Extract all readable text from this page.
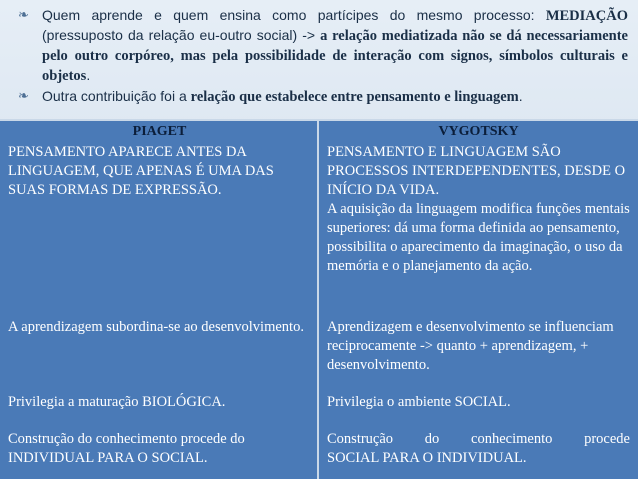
❧ Quem aprende e quem ensina como partícipes do mesmo processo: MEDIAÇÃO (pressuposto da relação eu-outro social) -> a relação mediatizada não se dá necessariamente pelo outro corpóreo, mas pela possibilidade de interação com signos, símbolos culturais e objetos.
❧ Outra contribuição foi a relação que estabelece entre pensamento e linguagem.
PIAGET
PENSAMENTO APARECE ANTES DA LINGUAGEM, QUE APENAS É UMA DAS SUAS FORMAS DE EXPRESSÃO.
A aprendizagem subordina-se ao desenvolvimento.
Privilegia a maturação BIOLÓGICA.
Construção do conhecimento procede do
INDIVIDUAL PARA O SOCIAL.
VYGOTSKY
PENSAMENTO E LINGUAGEM SÃO PROCESSOS INTERDEPENDENTES, DESDE O INÍCIO DA VIDA.
A aquisição da linguagem modifica funções mentais superiores: dá uma forma definida ao pensamento, possibilita o aparecimento da imaginação, o uso da memória e o planejamento da ação.
Aprendizagem e desenvolvimento se influenciam reciprocamente -> quanto + aprendizagem, + desenvolvimento.
Privilegia o ambiente SOCIAL.
Construção do conhecimento procede
SOCIAL PARA O INDIVIDUAL.
